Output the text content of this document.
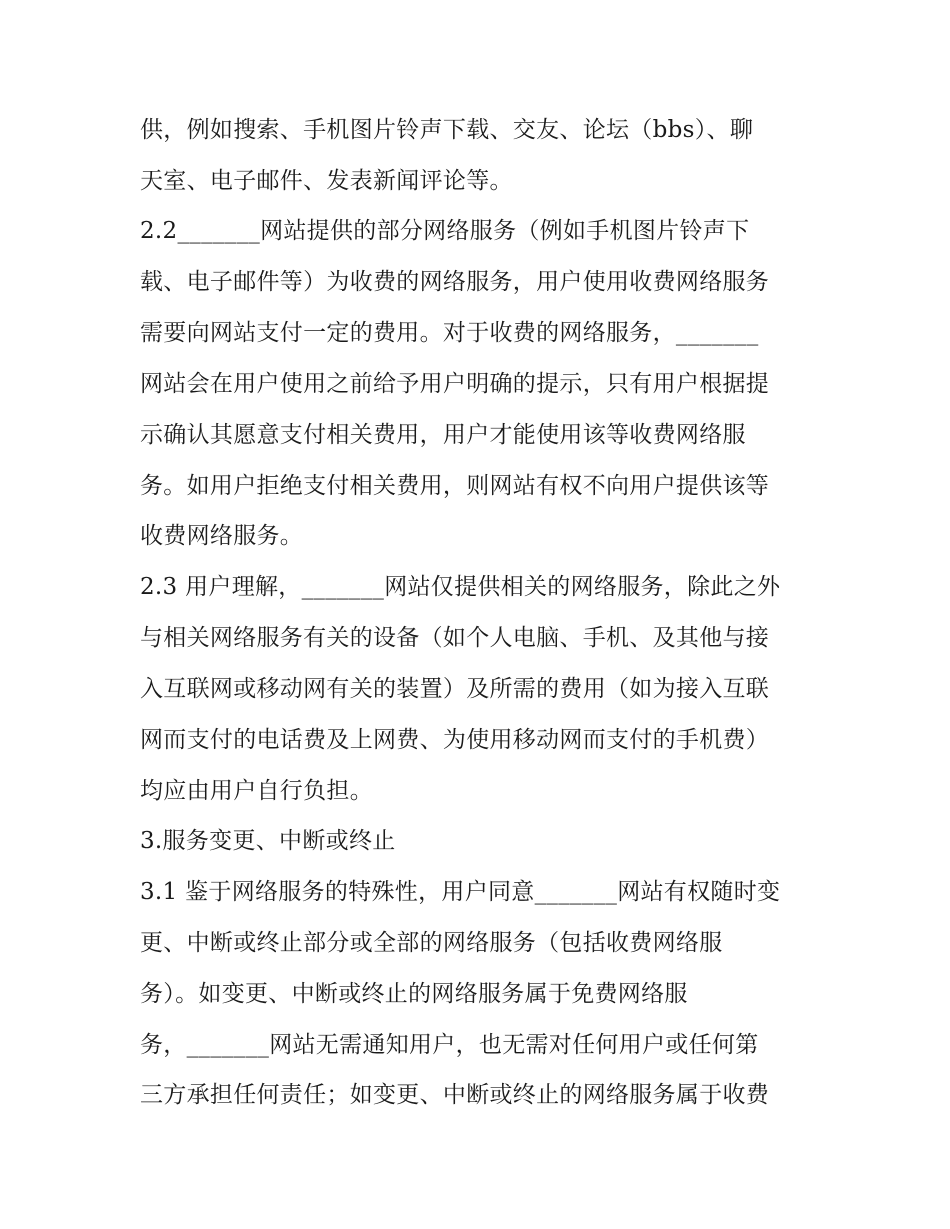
供，例如搜索、手机图片铃声下载、交友、论坛（bbs）、聊
天室、电子邮件、发表新闻评论等。
2.2_______网站提供的部分网络服务（例如手机图片铃声下
载、电子邮件等）为收费的网络服务，用户使用收费网络服务
需要向网站支付一定的费用。对于收费的网络服务，_______
网站会在用户使用之前给予用户明确的提示，只有用户根据提
示确认其愿意支付相关费用，用户才能使用该等收费网络服
务。如用户拒绝支付相关费用，则网站有权不向用户提供该等
收费网络服务。
2.3 用户理解，_______网站仅提供相关的网络服务，除此之外
与相关网络服务有关的设备（如个人电脑、手机、及其他与接
入互联网或移动网有关的装置）及所需的费用（如为接入互联
网而支付的电话费及上网费、为使用移动网而支付的手机费）
均应由用户自行负担。
3.服务变更、中断或终止
3.1 鉴于网络服务的特殊性，用户同意_______网站有权随时变
更、中断或终止部分或全部的网络服务（包括收费网络服
务）。如变更、中断或终止的网络服务属于免费网络服
务，_______网站无需通知用户，也无需对任何用户或任何第
三方承担任何责任；如变更、中断或终止的网络服务属于收费
